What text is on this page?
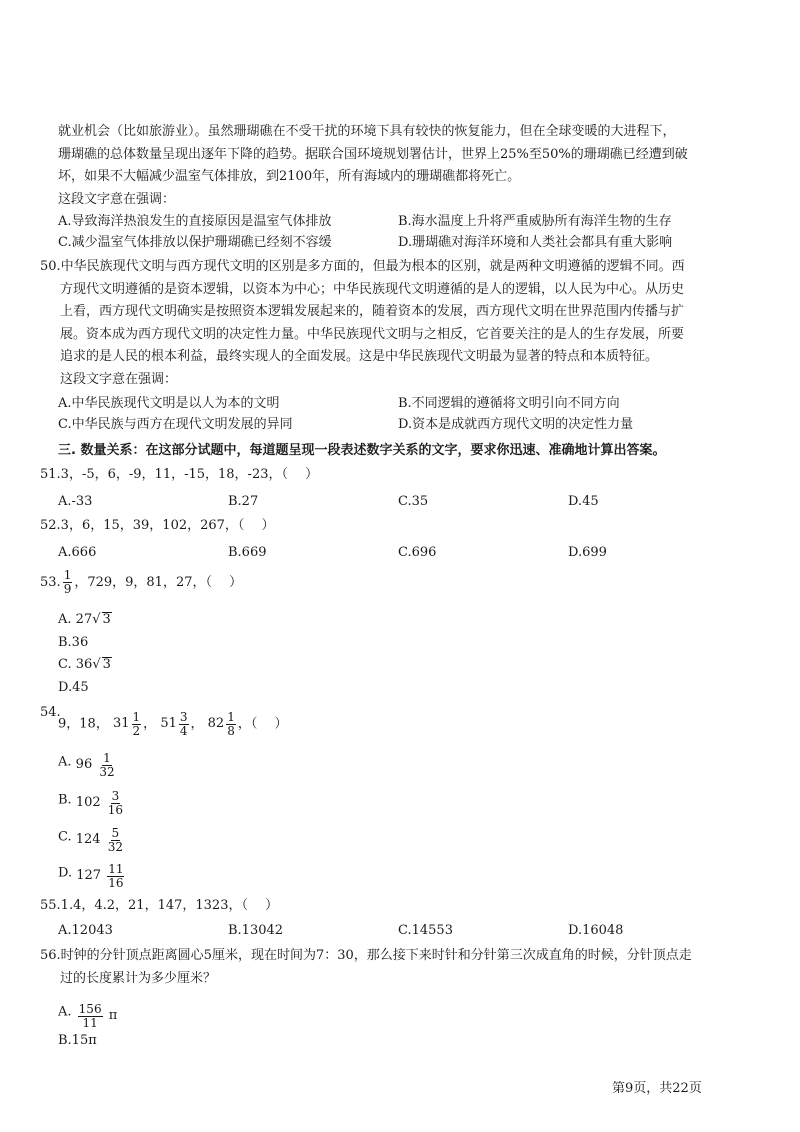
就业机会（比如旅游业）。虽然珊瑚礁在不受干扰的环境下具有较快的恢复能力，但在全球变暖的大进程下，
珊瑚礁的总体数量呈现出逐年下降的趋势。据联合国环境规划署估计，世界上25%至50%的珊瑚礁已经遭到破
坏，如果不大幅减少温室气体排放，到2100年，所有海域内的珊瑚礁都将死亡。
这段文字意在强调：

A.导致海洋热浪发生的直接原因是温室气体排放	B.海水温度上升将严重威胁所有海洋生物的生存
C.减少温室气体排放以保护珊瑚礁已经刻不容缓	D.珊瑚礁对海洋环境和人类社会都具有重大影响

50.中华民族现代文明与西方现代文明的区别是多方面的，但最为根本的区别，就是两种文明遵循的逻辑不同。西
方现代文明遵循的是资本逻辑，以资本为中心；中华民族现代文明遵循的是人的逻辑，以人民为中心。从历史
上看，西方现代文明确实是按照资本逻辑发展起来的，随着资本的发展，西方现代文明在世界范围内传播与扩
展。资本成为西方现代文明的决定性力量。中华民族现代文明与之相反，它首要关注的是人的生存发展，所要
追求的是人民的根本利益，最终实现人的全面发展。这是中华民族现代文明最为显著的特点和本质特征。
这段文字意在强调：

A.中华民族现代文明是以人为本的文明	B.不同逻辑的遵循将文明引向不同方向
C.中华民族与西方在现代文明发展的异同	D.资本是成就西方现代文明的决定性力量
三. 数量关系：在这部分试题中，每道题呈现一段表述数字关系的文字，要求你迅速、准确地计算出答案。
51.3，-5，6，-9，11，-15，18，-23，（　 ）
A.-33	B.27	C.35	D.45
52.3，6，15，39，102，267，（　 ）
A.666	B.669	C.696	D.699
53. $\frac{1}{9}$ ，729，9，81，27，（　 ）
A. 27√ 3
B.36
C. 36√ 3
D.45
54.
9，18， $31 \frac{1}{2}$ ， $51 \frac{3}{4}$ ， $82 \frac{1}{8}$ ，（　 ）
A. 96
$\frac{1}{32}$
B. 102
$\frac{3}{16}$
C. 124
$\frac{5}{32}$
D. 127
$\frac{11}{16}$
55.1.4，4.2，21，147，1323，（　 ）
A.12043	B.13042	C.14553	D.16048

56.时钟的分针顶点距离圆心5厘米，现在时间为7：30，那么接下来时针和分针第三次成直角的时候，分针顶点走
过的长度累计为多少厘米？

A. $\frac{156}{11}$
π
B.15π
第9页，共22页
